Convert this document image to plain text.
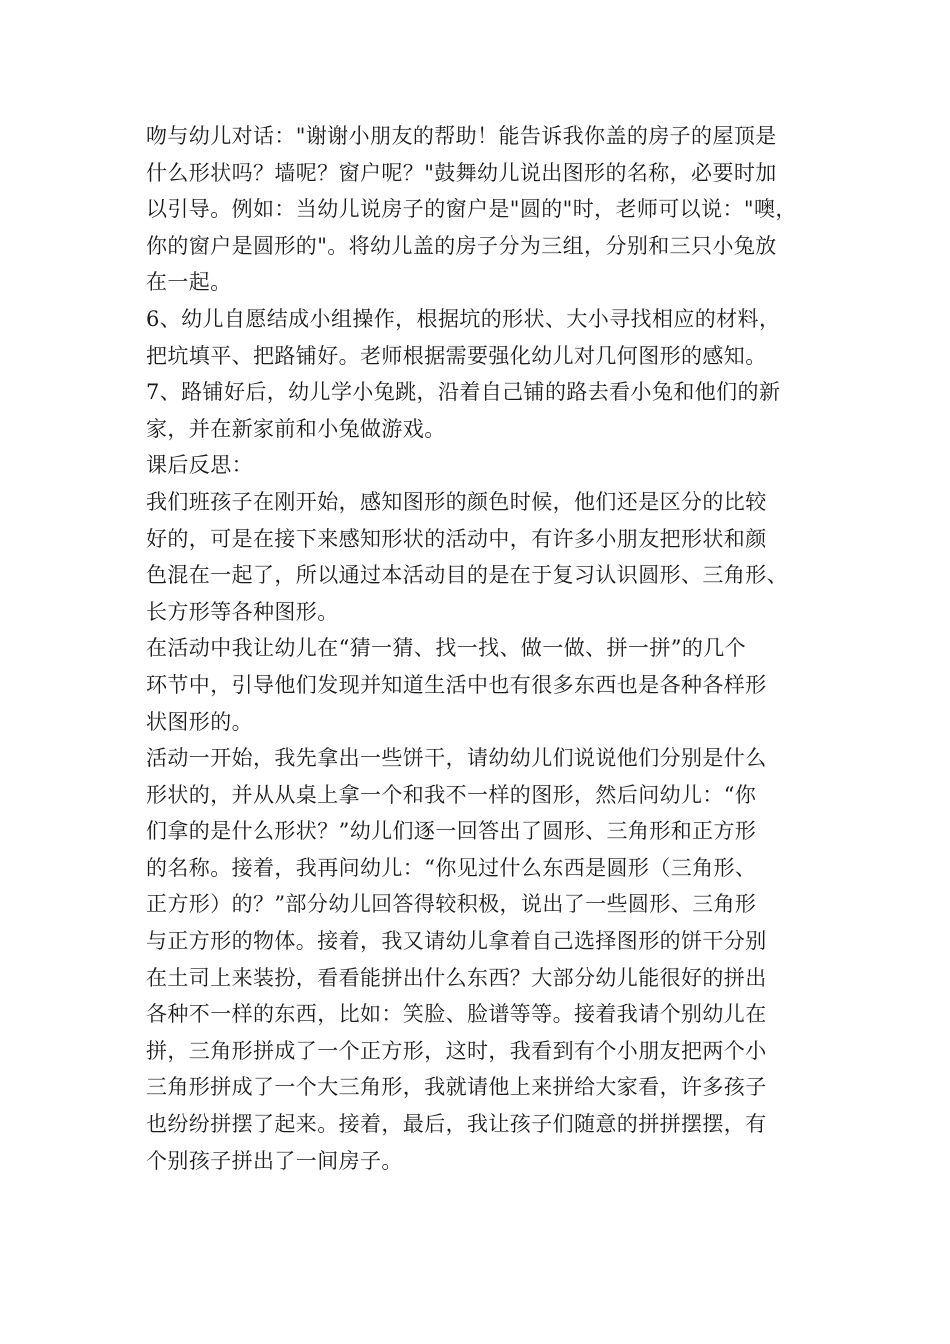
吻与幼儿对话："谢谢小朋友的帮助！能告诉我你盖的房子的屋顶是
什么形状吗？墙呢？窗户呢？"鼓舞幼儿说出图形的名称，必要时加
以引导。例如：当幼儿说房子的窗户是"圆的"时，老师可以说："噢，
你的窗户是圆形的"。将幼儿盖的房子分为三组，分别和三只小兔放
在一起。
6、幼儿自愿结成小组操作，根据坑的形状、大小寻找相应的材料，
把坑填平、把路铺好。老师根据需要强化幼儿对几何图形的感知。
7、路铺好后，幼儿学小兔跳，沿着自己铺的路去看小兔和他们的新
家，并在新家前和小兔做游戏。
课后反思：
我们班孩子在刚开始，感知图形的颜色时候，他们还是区分的比较
好的，可是在接下来感知形状的活动中，有许多小朋友把形状和颜
色混在一起了，所以通过本活动目的是在于复习认识圆形、三角形、
长方形等各种图形。
在活动中我让幼儿在“猜一猜、找一找、做一做、拼一拼”的几个
环节中，引导他们发现并知道生活中也有很多东西也是各种各样形
状图形的。
活动一开始，我先拿出一些饼干，请幼幼儿们说说他们分别是什么
形状的，并从从桌上拿一个和我不一样的图形，然后问幼儿：“你
们拿的是什么形状？”幼儿们逐一回答出了圆形、三角形和正方形
的名称。接着，我再问幼儿：“你见过什么东西是圆形（三角形、
正方形）的？”部分幼儿回答得较积极，说出了一些圆形、三角形
与正方形的物体。接着，我又请幼儿拿着自己选择图形的饼干分别
在土司上来装扮，看看能拼出什么东西？大部分幼儿能很好的拼出
各种不一样的东西，比如：笑脸、脸谱等等。接着我请个别幼儿在
拼，三角形拼成了一个正方形，这时，我看到有个小朋友把两个小
三角形拼成了一个大三角形，我就请他上来拼给大家看，许多孩子
也纷纷拼摆了起来。接着，最后，我让孩子们随意的拼拼摆摆，有
个别孩子拼出了一间房子。
